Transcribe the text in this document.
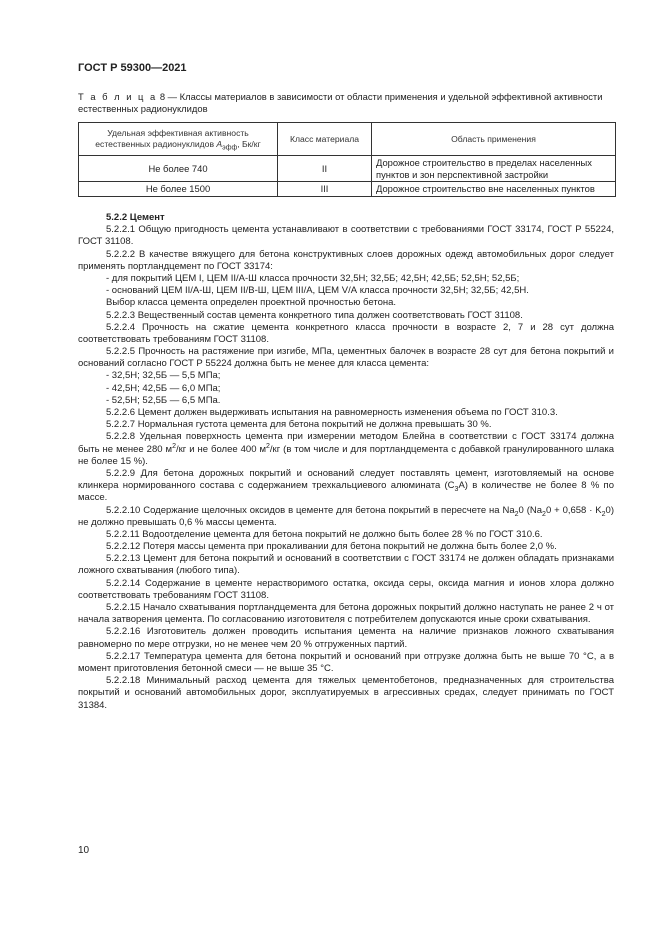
ГОСТ Р 59300—2021
Т а б л и ц а 8 — Классы материалов в зависимости от области применения и удельной эффективной активности естественных радионуклидов
Удельная эффективная активность естественных радионуклидов $А_{эфф}$, Бк/кг	Класс материала	Область применения
Не более 740	II	Дорожное строительство в пределах населенных пунктов и зон перспективной застройки
Не более 1500	III	Дорожное строительство вне населенных пунктов

5.2.2 Цемент

5.2.2.1 Общую пригодность цемента устанавливают в соответствии с требованиями ГОСТ 33174, ГОСТ Р 55224, ГОСТ 31108.

5.2.2.2 В качестве вяжущего для бетона конструктивных слоев дорожных одежд автомобильных дорог следует применять портландцемент по ГОСТ 33174:

- для покрытий ЦЕМ I, ЦЕМ II/А-Ш класса прочности 32,5Н; 32,5Б; 42,5Н; 42,5Б; 52,5Н; 52,5Б;

- оснований ЦЕМ II/А-Ш, ЦЕМ II/В-Ш, ЦЕМ III/А, ЦЕМ V/А класса прочности 32,5Н; 32,5Б; 42,5Н.

Выбор класса цемента определен проектной прочностью бетона.

5.2.2.3 Вещественный состав цемента конкретного типа должен соответствовать ГОСТ 31108.

5.2.2.4 Прочность на сжатие цемента конкретного класса прочности в возрасте 2, 7 и 28 сут должна соответствовать требованиям ГОСТ 31108.

5.2.2.5 Прочность на растяжение при изгибе, МПа, цементных балочек в возрасте 28 сут для бетона покрытий и оснований согласно ГОСТ Р 55224 должна быть не менее для класса цемента:

- 32,5Н; 32,5Б — 5,5 МПа;

- 42,5Н; 42,5Б — 6,0 МПа;

- 52,5Н; 52,5Б — 6,5 МПа.

5.2.2.6 Цемент должен выдерживать испытания на равномерность изменения объема по ГОСТ 310.3.

5.2.2.7 Нормальная густота цемента для бетона покрытий не должна превышать 30 %.

5.2.2.8 Удельная поверхность цемента при измерении методом Блейна в соответствии с ГОСТ 33174 должна быть не менее 280 $м^2/кг$ и не более 400 $м^2/кг$ (в том числе и для портландцемента с добавкой гранулированного шлака не более 15 %).

5.2.2.9 Для бетона дорожных покрытий и оснований следует поставлять цемент, изготовляемый на основе клинкера нормированного состава с содержанием трехкальциевого алюмината $(С_3А)$ в количестве не более 8 % по массе.

5.2.2.10 Содержание щелочных оксидов в цементе для бетона покрытий в пересчете на $Na_20$ $(Na_20 + 0,658 \cdot K_20)$ не должно превышать 0,6 % массы цемента.

5.2.2.11 Водоотделение цемента для бетона покрытий не должно быть более 28 % по ГОСТ 310.6.

5.2.2.12 Потеря массы цемента при прокаливании для бетона покрытий не должна быть более 2,0 %.

5.2.2.13 Цемент для бетона покрытий и оснований в соответствии с ГОСТ 33174 не должен обладать признаками ложного схватывания (любого типа).

5.2.2.14 Содержание в цементе нерастворимого остатка, оксида серы, оксида магния и ионов хлора должно соответствовать требованиям ГОСТ 31108.

5.2.2.15 Начало схватывания портландцемента для бетона дорожных покрытий должно наступать не ранее 2 ч от начала затворения цемента. По согласованию изготовителя с потребителем допускаются иные сроки схватывания.

5.2.2.16 Изготовитель должен проводить испытания цемента на наличие признаков ложного схватывания равномерно по мере отгрузки, но не менее чем 20 % отгруженных партий.

5.2.2.17 Температура цемента для бетона покрытий и оснований при отгрузке должна быть не выше 70 °С, а в момент приготовления бетонной смеси — не выше 35 °С.

5.2.2.18 Минимальный расход цемента для тяжелых цементобетонов, предназначенных для строительства покрытий и оснований автомобильных дорог, эксплуатируемых в агрессивных средах, следует принимать по ГОСТ 31384.

10
